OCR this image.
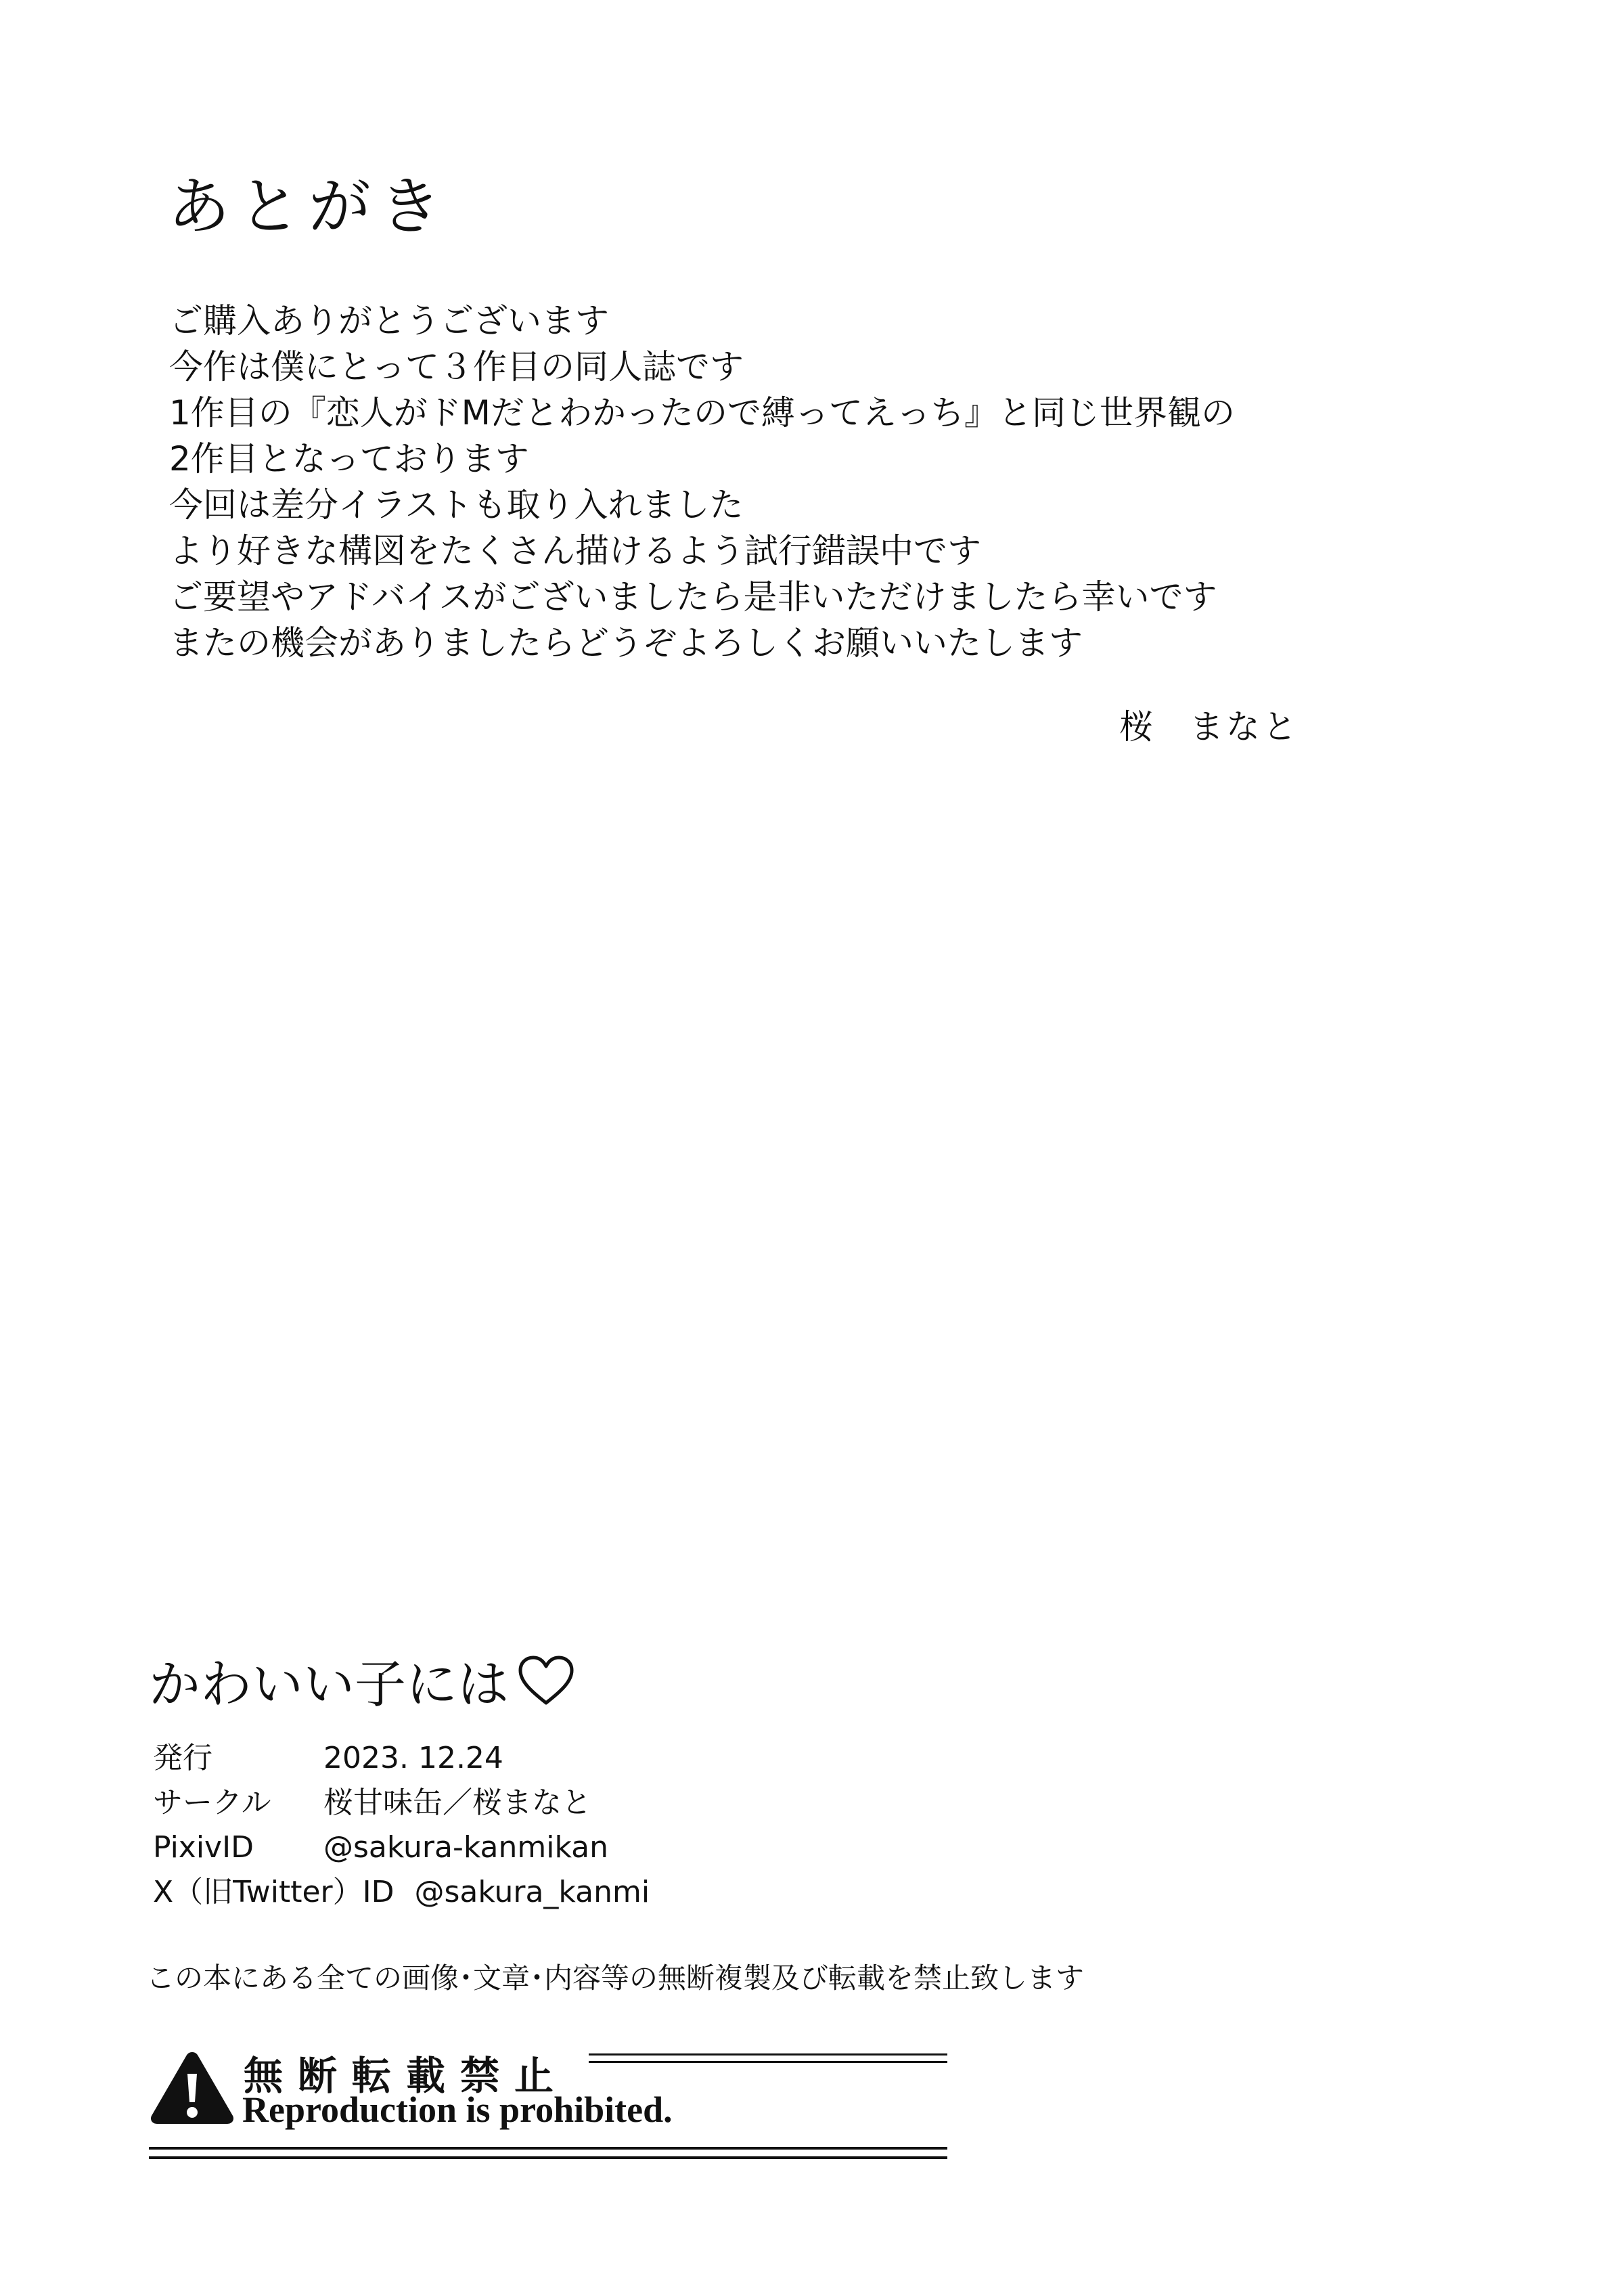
あとがき
ご購入ありがとうございます
今作は僕にとって３作目の同人誌です
1作目の『恋人がドMだとわかったので縛ってえっち』と同じ世界観の
2作目となっております
今回は差分イラストも取り入れました
より好きな構図をたくさん描けるよう試行錯誤中です
ご要望やアドバイスがございましたら是非いただけましたら幸いです
またの機会がありましたらどうぞよろしくお願いいたします
桜 まなと
かわいい子には
発行	2023. 12.24
サークル	桜甘味缶／桜まなと
PixivID	@sakura-kanmikan
X（旧Twitter）ID @sakura_kanmi
この本にある全ての画像･文章･内容等の無断複製及び転載を禁止致します
無断転載禁止
Reproduction is prohibited.
